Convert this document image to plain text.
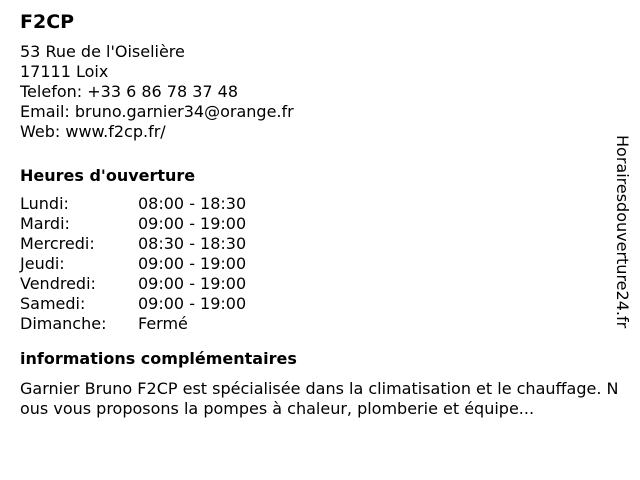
F2CP
53 Rue de l'Oiselière
17111 Loix
Telefon: +33 6 86 78 37 48
Email: bruno.garnier34@orange.fr
Web: www.f2cp.fr/
Heures d'ouverture
Lundi:	08:00 - 18:30
Mardi:	09:00 - 19:00
Mercredi:	08:30 - 18:30
Jeudi:	09:00 - 19:00
Vendredi:	09:00 - 19:00
Samedi:	09:00 - 19:00
Dimanche:	Fermé
informations complémentaires

Garnier Bruno F2CP est spécialisée dans la climatisation et le chauffage. Nous vous proposons la pompes à chaleur, plomberie et équipe...

Horairesdouverture24.fr
